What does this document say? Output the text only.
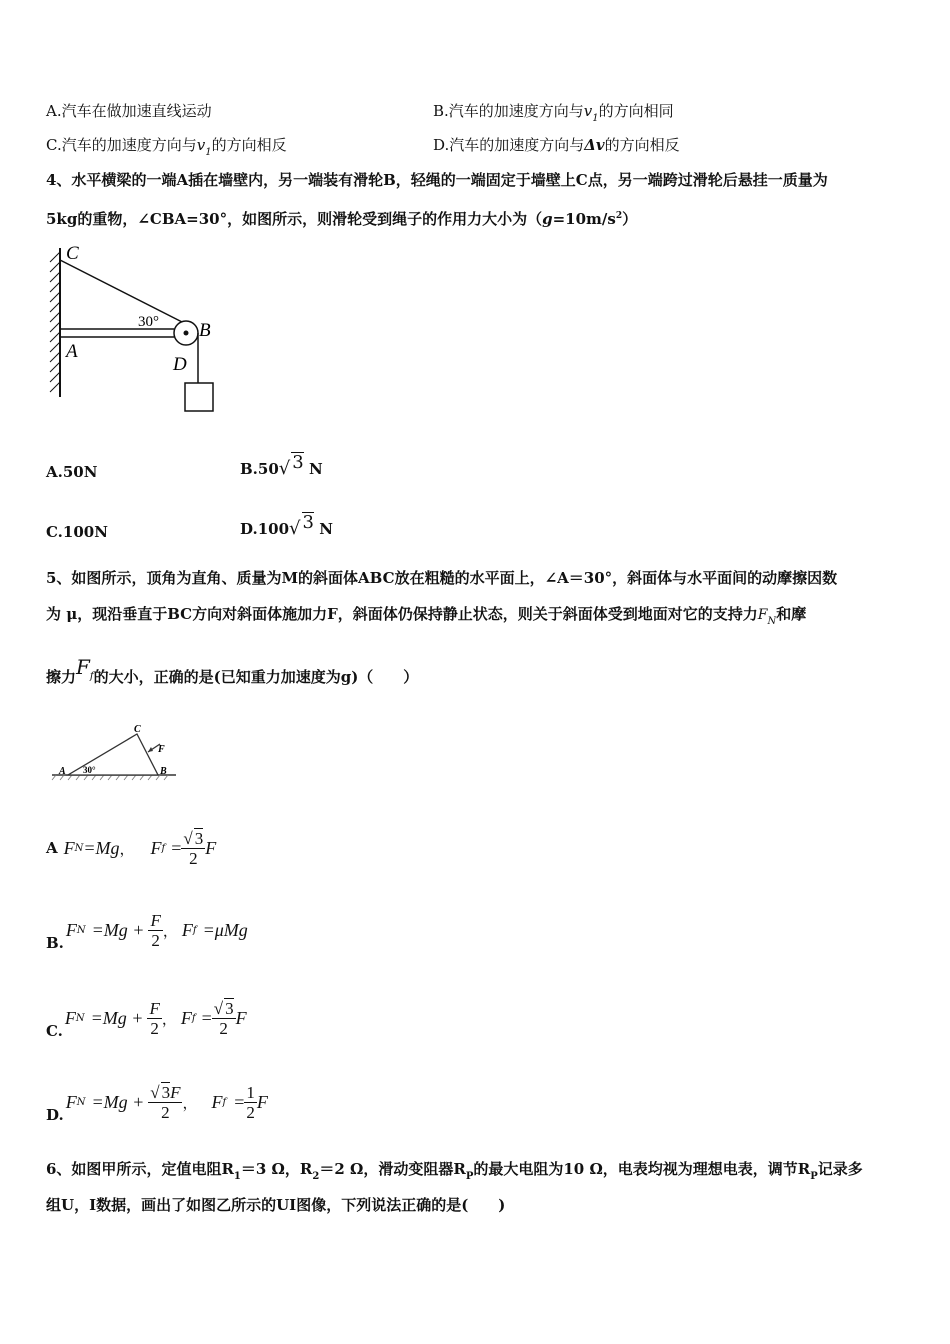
A.汽车在做加速直线运动	B.汽车的加速度方向与$v_1$的方向相同
C.汽车的加速度方向与$v_1$的方向相反	D.汽车的加速度方向与Δv的方向相反
4、水平横梁的一端A插在墙壁内，另一端装有滑轮B，轻绳的一端固定于墙壁上C点，另一端跨过滑轮后悬挂一质量为
5kg的重物，∠CBA=30°，如图所示，则滑轮受到绳子的作用力大小为$(g=10m/s^2)$
C
B
A
D
30°
A.50N	B.50√ 3 N
C.100N	D.100√ 3 N
5、如图所示，顶角为直角、质量为M的斜面体ABC放在粗糙的水平面上，∠A＝30°，斜面体与水平面间的动摩擦因数
为 μ，现沿垂直于BC方向对斜面体施加力F，斜面体仍保持静止状态，则关于斜面体受到地面对它的支持力$F_N$和摩
擦力$F^f$的大小，正确的是(已知重力加速度为g)（　　）
C
F
A	B
30°
A F N =Mg ， F $f = \frac{√ 3}{2}$ F
B.
F $N =Mg + \frac{F}{2}$ ， F f =μMg
C.
F $N =Mg + \frac{F}{2}$ ， F $f = \frac{√ 3}{2}$ F
D.
F $N =Mg + \frac{√ 3F}{2}$ ， F $f = \frac{1}{2}$ F
6、如图甲所示，定值电阻$R_1=3$ Ω，$R_2=2$ Ω，滑动变阻器$R_P$的最大电阻为10 Ω，电表均视为理想电表，调节$R_P$记录多
组U，I数据，画出了如图乙所示的UI图像，下列说法正确的是(　　)
